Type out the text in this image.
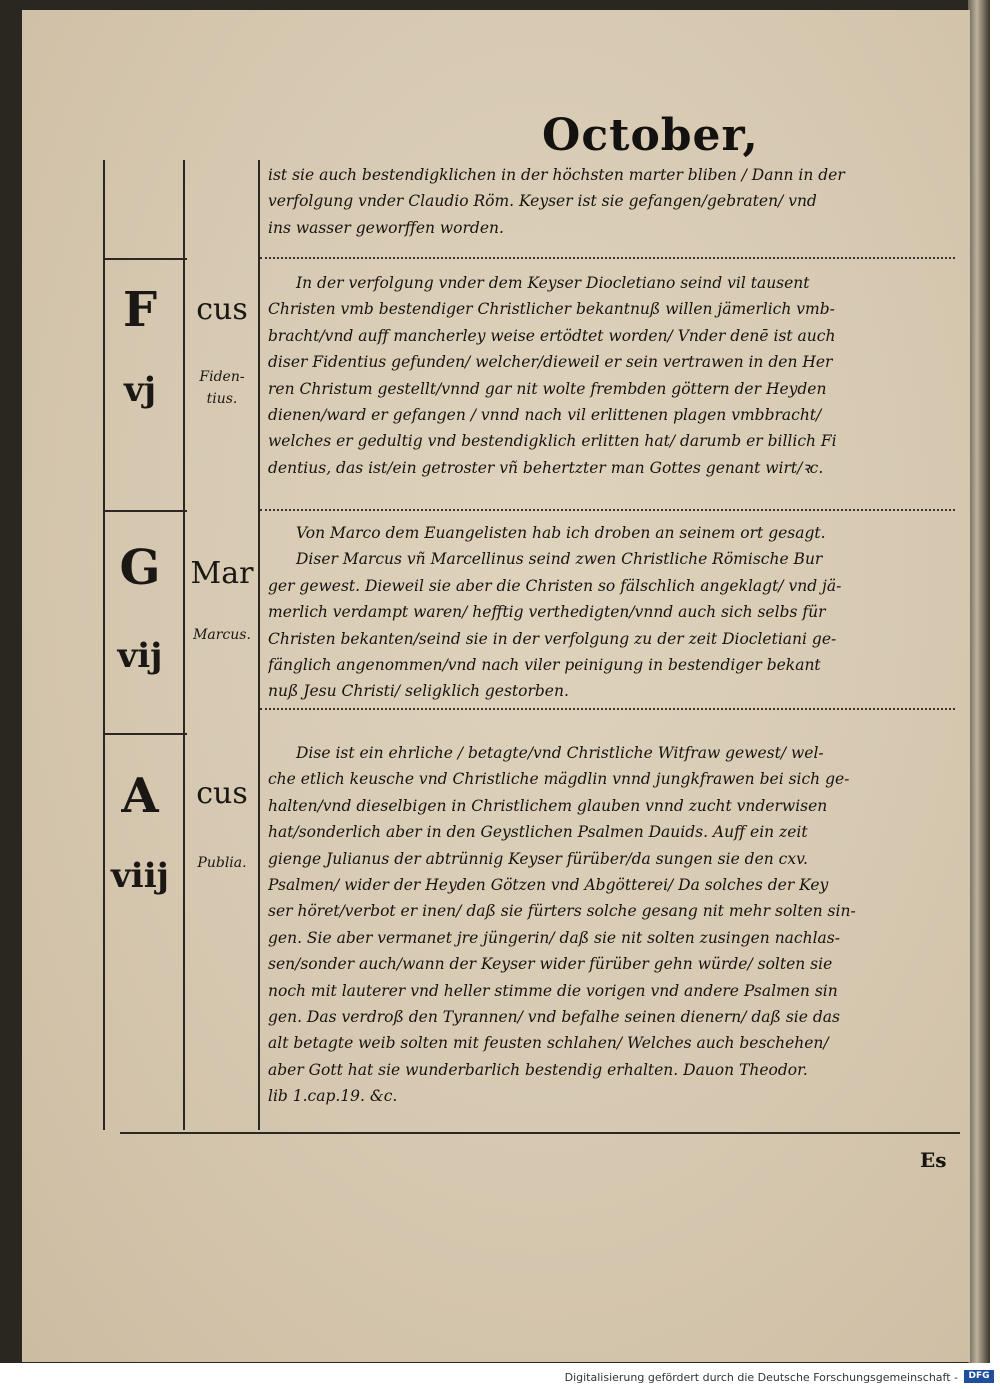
October,
ist sie auch bestendigklichen in der höchsten marter bliben / Dann in der
verfolgung vnder Claudio Röm. Keyser ist sie gefangen/gebraten/ vnd
ins wasser geworffen worden.
F
vj
cus
Fiden-
tius.
In der verfolgung vnder dem Keyser Diocletiano seind vil tausent
Christen vmb bestendiger Christlicher bekantnuß willen jämerlich vmb-
bracht/vnd auff mancherley weise ertödtet worden/ Vnder denē ist auch
diser Fidentius gefunden/ welcher/dieweil er sein vertrawen in den Her
ren Christum gestellt/vnnd gar nit wolte frembden göttern der Heyden
dienen/ward er gefangen / vnnd nach vil erlittenen plagen vmbbracht/
welches er gedultig vnd bestendigklich erlitten hat/ darumb er billich Fi
dentius, das ist/ein getroster vñ behertzter man Gottes genant wirt/ꝛc.
G
vij
Mar
Marcus.
Von Marco dem Euangelisten hab ich droben an seinem ort gesagt.
Diser Marcus vñ Marcellinus seind zwen Christliche Römische Bur
ger gewest. Dieweil sie aber die Christen so fälschlich angeklagt/ vnd jä-
merlich verdampt waren/ hefftig verthedigten/vnnd auch sich selbs für
Christen bekanten/seind sie in der verfolgung zu der zeit Diocletiani ge-
fänglich angenommen/vnd nach viler peinigung in bestendiger bekant
nuß Jesu Christi/ seligklich gestorben.
A
viij
cus
Publia.
Dise ist ein ehrliche / betagte/vnd Christliche Witfraw gewest/ wel-
che etlich keusche vnd Christliche mägdlin vnnd jungkfrawen bei sich ge-
halten/vnd dieselbigen in Christlichem glauben vnnd zucht vnderwisen
hat/sonderlich aber in den Geystlichen Psalmen Dauids. Auff ein zeit
gienge Julianus der abtrünnig Keyser fürüber/da sungen sie den cxv.
Psalmen/ wider der Heyden Götzen vnd Abgötterei/ Da solches der Key
ser höret/verbot er inen/ daß sie fürters solche gesang nit mehr solten sin-
gen. Sie aber vermanet jre jüngerin/ daß sie nit solten zusingen nachlas-
sen/sonder auch/wann der Keyser wider fürüber gehn würde/ solten sie
noch mit lauterer vnd heller stimme die vorigen vnd andere Psalmen sin
gen. Das verdroß den Tyrannen/ vnd befalhe seinen dienern/ daß sie das
alt betagte weib solten mit feusten schlahen/ Welches auch beschehen/
aber Gott hat sie wunderbarlich bestendig erhalten. Dauon Theodor.
lib 1.cap.19. &c.
Es
Digitalisierung gefördert durch die Deutsche Forschungsgemeinschaft -	DFG
